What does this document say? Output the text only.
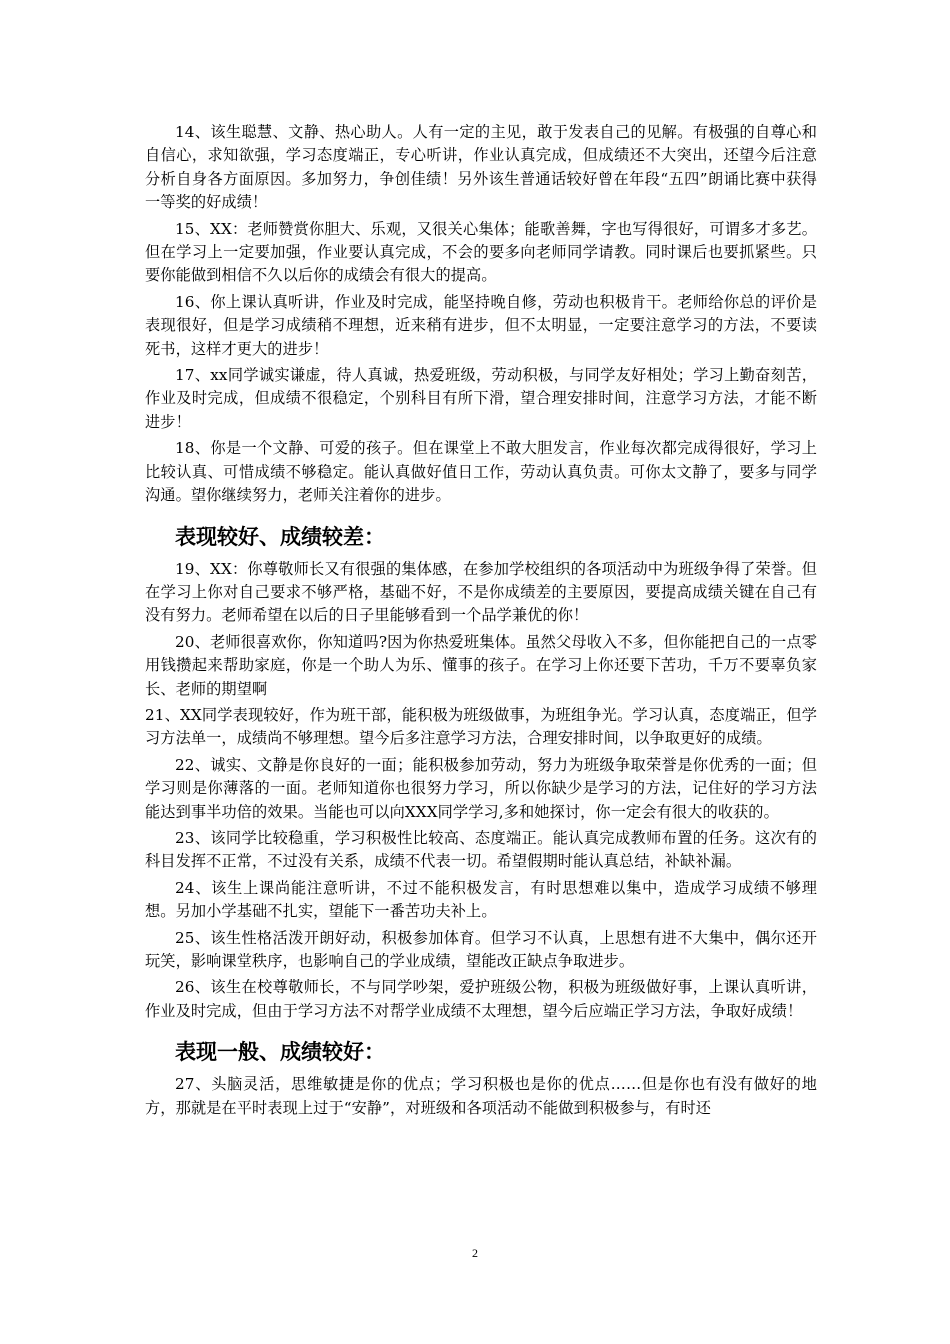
14、该生聪慧、文静、热心助人。人有一定的主见，敢于发表自己的见解。有极强的自尊心和自信心，求知欲强，学习态度端正，专心听讲，作业认真完成，但成绩还不大突出，还望今后注意分析自身各方面原因。多加努力，争创佳绩！另外该生普通话较好曾在年段“五四”朗诵比赛中获得一等奖的好成绩！

15、XX：老师赞赏你胆大、乐观，又很关心集体；能歌善舞，字也写得很好，可谓多才多艺。但在学习上一定要加强，作业要认真完成，不会的要多向老师同学请教。同时课后也要抓紧些。只要你能做到相信不久以后你的成绩会有很大的提高。

16、你上课认真听讲，作业及时完成，能坚持晚自修，劳动也积极肯干。老师给你总的评价是表现很好，但是学习成绩稍不理想，近来稍有进步，但不太明显，一定要注意学习的方法，不要读死书，这样才更大的进步！

17、xx同学诚实谦虚，待人真诚，热爱班级，劳动积极，与同学友好相处；学习上勤奋刻苦，作业及时完成，但成绩不很稳定，个别科目有所下滑，望合理安排时间，注意学习方法，才能不断进步！

18、你是一个文静、可爱的孩子。但在课堂上不敢大胆发言，作业每次都完成得很好，学习上比较认真、可惜成绩不够稳定。能认真做好值日工作，劳动认真负责。可你太文静了，要多与同学沟通。望你继续努力，老师关注着你的进步。

表现较好、成绩较差：

19、XX：你尊敬师长又有很强的集体感，在参加学校组织的各项活动中为班级争得了荣誉。但在学习上你对自己要求不够严格，基础不好，不是你成绩差的主要原因，要提高成绩关键在自己有没有努力。老师希望在以后的日子里能够看到一个品学兼优的你！

20、老师很喜欢你，你知道吗?因为你热爱班集体。虽然父母收入不多，但你能把自己的一点零用钱攒起来帮助家庭，你是一个助人为乐、懂事的孩子。在学习上你还要下苦功，千万不要辜负家长、老师的期望啊

21、XX同学表现较好，作为班干部，能积极为班级做事，为班组争光。学习认真，态度端正，但学习方法单一，成绩尚不够理想。望今后多注意学习方法，合理安排时间，以争取更好的成绩。

22、诚实、文静是你良好的一面；能积极参加劳动，努力为班级争取荣誉是你优秀的一面；但学习则是你薄落的一面。老师知道你也很努力学习，所以你缺少是学习的方法，记住好的学习方法能达到事半功倍的效果。当能也可以向XXX同学学习,多和她探讨，你一定会有很大的收获的。

23、该同学比较稳重，学习积极性比较高、态度端正。能认真完成教师布置的任务。这次有的科目发挥不正常，不过没有关系，成绩不代表一切。希望假期时能认真总结，补缺补漏。

24、该生上课尚能注意听讲，不过不能积极发言，有时思想难以集中，造成学习成绩不够理想。另加小学基础不扎实，望能下一番苦功夫补上。

25、该生性格活泼开朗好动，积极参加体育。但学习不认真，上思想有进不大集中，偶尔还开玩笑，影响课堂秩序，也影响自己的学业成绩，望能改正缺点争取进步。

26、该生在校尊敬师长，不与同学吵架，爱护班级公物，积极为班级做好事，上课认真听讲，作业及时完成，但由于学习方法不对帮学业成绩不太理想，望今后应端正学习方法，争取好成绩！

表现一般、成绩较好：

27、头脑灵活，思维敏捷是你的优点；学习积极也是你的优点……但是你也有没有做好的地方，那就是在平时表现上过于“安静”，对班级和各项活动不能做到积极参与，有时还

2
